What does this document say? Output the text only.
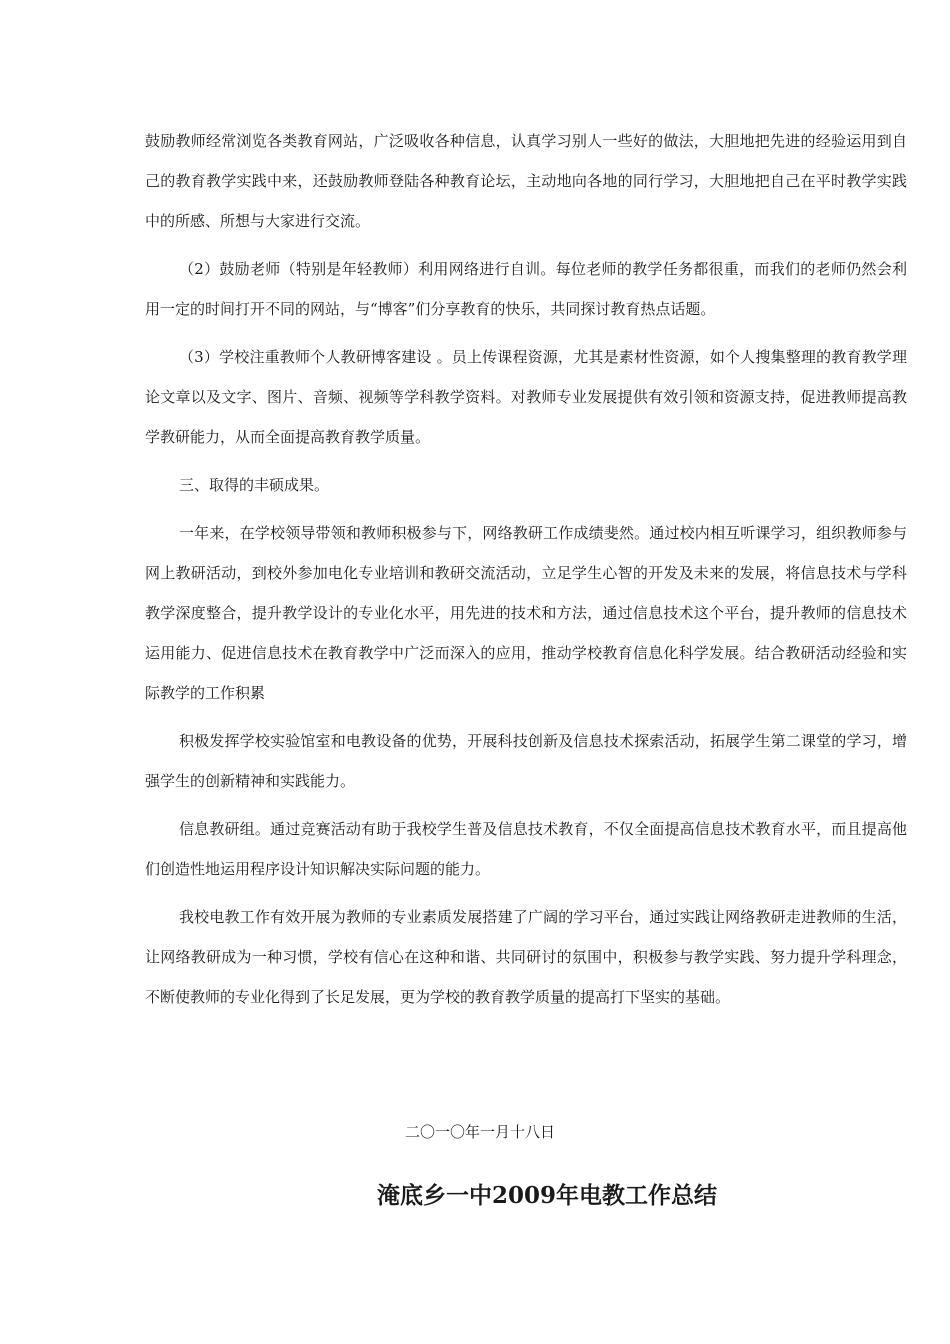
鼓励教师经常浏览各类教育网站，广泛吸收各种信息，认真学习别人一些好的做法，大胆地把先进的经验运用到自己的教育教学实践中来，还鼓励教师登陆各种教育论坛，主动地向各地的同行学习，大胆地把自己在平时教学实践中的所感、所想与大家进行交流。

（2）鼓励老师（特别是年轻教师）利用网络进行自训。每位老师的教学任务都很重，而我们的老师仍然会利用一定的时间打开不同的网站，与“博客”们分享教育的快乐，共同探讨教育热点话题。

（3）学校注重教师个人教研博客建设 。员上传课程资源，尤其是素材性资源，如个人搜集整理的教育教学理论文章以及文字、图片、音频、视频等学科教学资料。对教师专业发展提供有效引领和资源支持，促进教师提高教学教研能力，从而全面提高教育教学质量。

三、取得的丰硕成果。

一年来，在学校领导带领和教师积极参与下，网络教研工作成绩斐然。通过校内相互听课学习，组织教师参与网上教研活动，到校外参加电化专业培训和教研交流活动，立足学生心智的开发及未来的发展，将信息技术与学科教学深度整合，提升教学设计的专业化水平，用先进的技术和方法，通过信息技术这个平台，提升教师的信息技术运用能力、促进信息技术在教育教学中广泛而深入的应用，推动学校教育信息化科学发展。结合教研活动经验和实际教学的工作积累

积极发挥学校实验馆室和电教设备的优势，开展科技创新及信息技术探索活动，拓展学生第二课堂的学习，增强学生的创新精神和实践能力。

信息教研组。通过竞赛活动有助于我校学生普及信息技术教育，不仅全面提高信息技术教育水平，而且提高他们创造性地运用程序设计知识解决实际问题的能力。

我校电教工作有效开展为教师的专业素质发展搭建了广阔的学习平台，通过实践让网络教研走进教师的生活，让网络教研成为一种习惯，学校有信心在这种和谐、共同研讨的氛围中，积极参与教学实践、努力提升学科理念，不断使教师的专业化得到了长足发展，更为学校的教育教学质量的提高打下坚实的基础。

二〇一〇年一月十八日
淹底乡一中2009年电教工作总结
